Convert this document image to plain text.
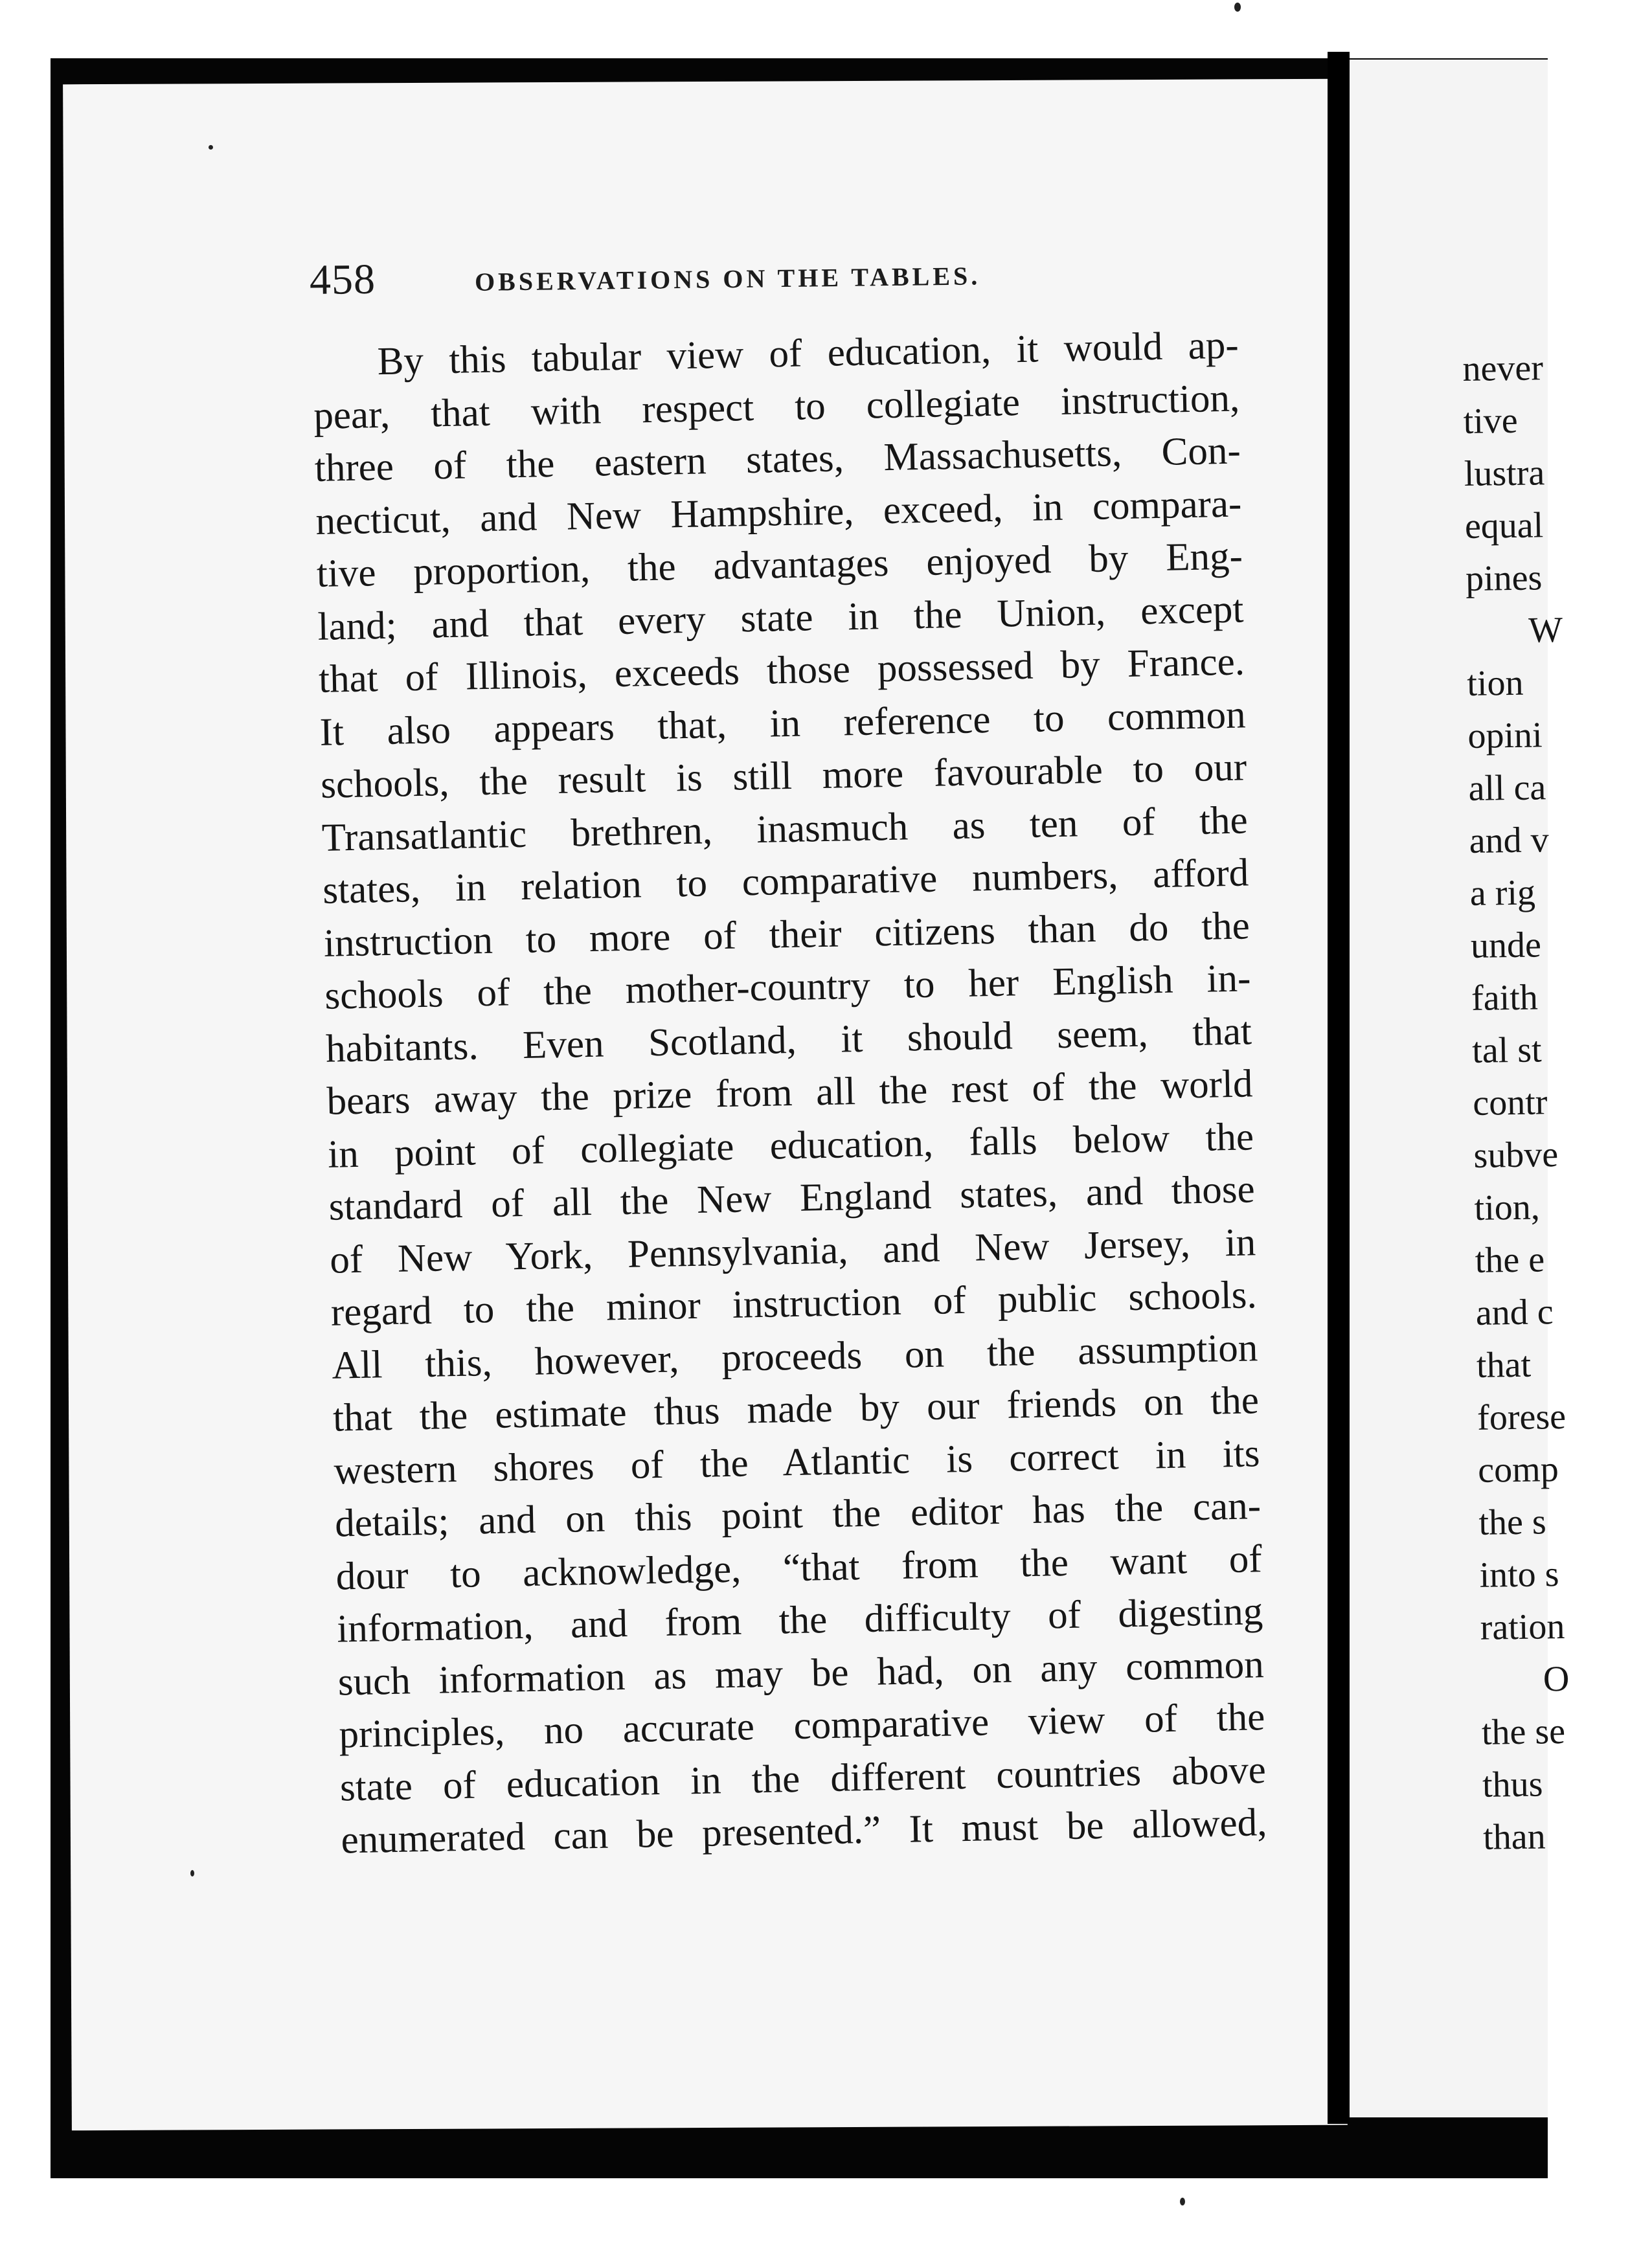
458	OBSERVATIONS ON THE TABLES.
By this tabular view of education, it would ap-
pear, that with respect to collegiate instruction,
three of the eastern states, Massachusetts, Con-
necticut, and New Hampshire, exceed, in compara-
tive proportion, the advantages enjoyed by Eng-
land; and that every state in the Union, except
that of Illinois, exceeds those possessed by France.
It also appears that, in reference to common
schools, the result is still more favourable to our
Transatlantic brethren, inasmuch as ten of the
states, in relation to comparative numbers, afford
instruction to more of their citizens than do the
schools of the mother-country to her English in-
habitants. Even Scotland, it should seem, that
bears away the prize from all the rest of the world
in point of collegiate education, falls below the
standard of all the New England states, and those
of New York, Pennsylvania, and New Jersey, in
regard to the minor instruction of public schools.
All this, however, proceeds on the assumption
that the estimate thus made by our friends on the
western shores of the Atlantic is correct in its
details; and on this point the editor has the can-
dour to acknowledge, “that from the want of
information, and from the difficulty of digesting
such information as may be had, on any common
principles, no accurate comparative view of the
state of education in the different countries above
enumerated can be presented.” It must be allowed,
never
tive
lustra
equal
pines
W
tion
opini
all ca
and v
a rig
unde
faith
tal st
contr
subve
tion,
the e
and c
that
forese
comp
the s
into s
ration
O
the se
thus
than
